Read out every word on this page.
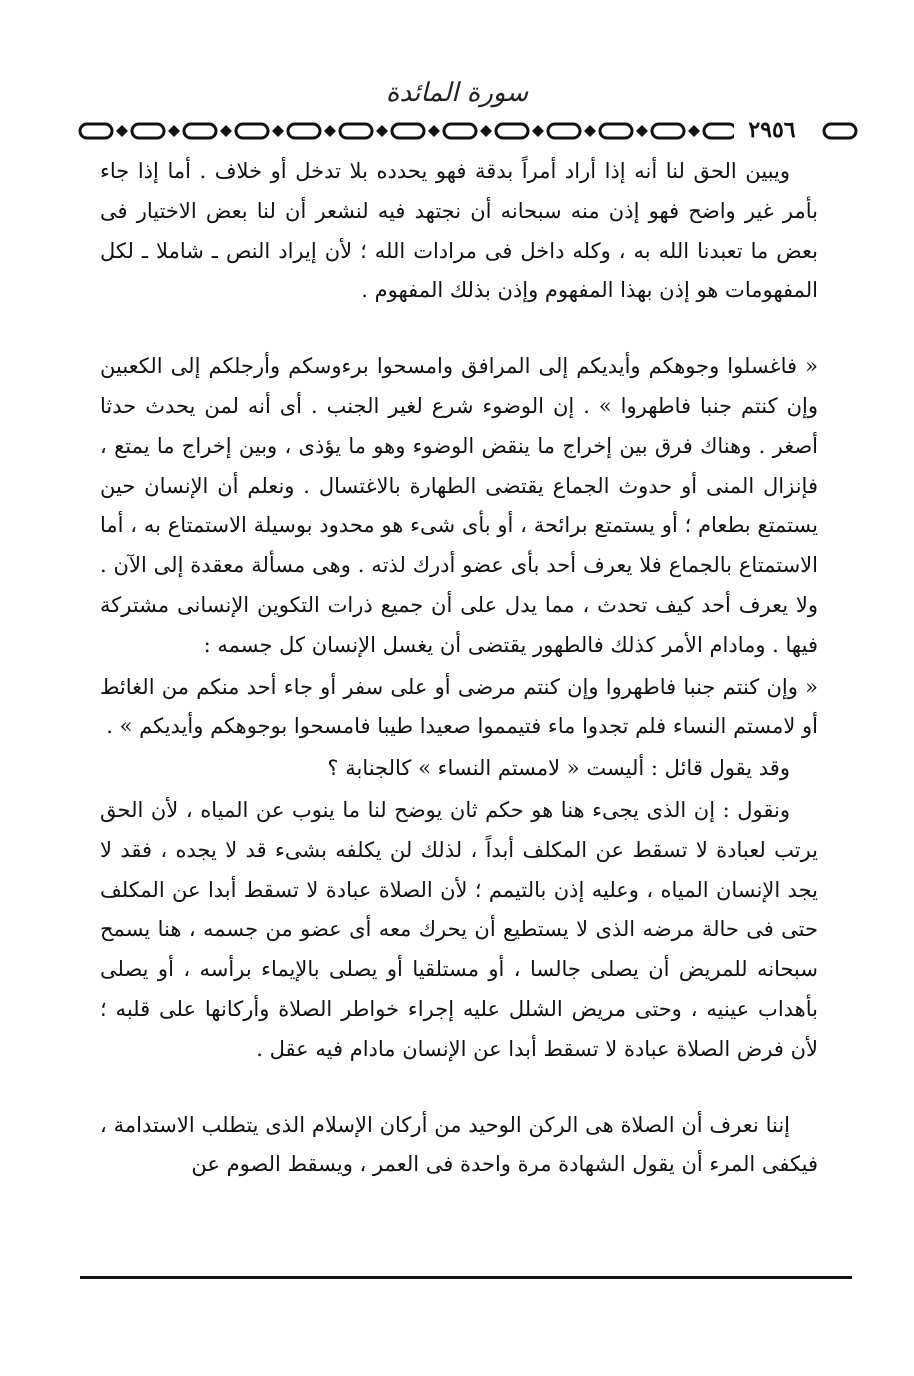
سورة المائدة
٢٩٥٦

ويبين الحق لنا أنه إذا أراد أمراً بدقة فهو يحدده بلا تدخل أو خلاف . أما إذا جاء بأمر غير واضح فهو إذن منه سبحانه أن نجتهد فيه لنشعر أن لنا بعض الاختيار فى بعض ما تعبدنا الله به ، وكله داخل فى مرادات الله ؛ لأن إيراد النص ـ شاملا ـ لكل المفهومات هو إذن بهذا المفهوم وإذن بذلك المفهوم .

« فاغسلوا وجوهكم وأيديكم إلى المرافق وامسحوا برءوسكم وأرجلكم إلى الكعبين وإن كنتم جنبا فاطهروا » . إن الوضوء شرع لغير الجنب . أى أنه لمن يحدث حدثا أصغر . وهناك فرق بين إخراج ما ينقض الوضوء وهو ما يؤذى ، وبين إخراج ما يمتع ، فإنزال المنى أو حدوث الجماع يقتضى الطهارة بالاغتسال . ونعلم أن الإنسان حين يستمتع بطعام ؛ أو يستمتع برائحة ، أو بأى شىء هو محدود بوسيلة الاستمتاع به ، أما الاستمتاع بالجماع فلا يعرف أحد بأى عضو أدرك لذته . وهى مسألة معقدة إلى الآن . ولا يعرف أحد كيف تحدث ، مما يدل على أن جميع ذرات التكوين الإنسانى مشتركة فيها . ومادام الأمر كذلك فالطهور يقتضى أن يغسل الإنسان كل جسمه :

« وإن كنتم جنبا فاطهروا وإن كنتم مرضى أو على سفر أو جاء أحد منكم من الغائط أو لامستم النساء فلم تجدوا ماء فتيمموا صعيدا طيبا فامسحوا بوجوهكم وأيديكم » .

وقد يقول قائل : أليست « لامستم النساء » كالجنابة ؟

ونقول : إن الذى يجىء هنا هو حكم ثان يوضح لنا ما ينوب عن المياه ، لأن الحق يرتب لعبادة لا تسقط عن المكلف أبداً ، لذلك لن يكلفه بشىء قد لا يجده ، فقد لا يجد الإنسان المياه ، وعليه إذن بالتيمم ؛ لأن الصلاة عبادة لا تسقط أبدا عن المكلف حتى فى حالة مرضه الذى لا يستطيع أن يحرك معه أى عضو من جسمه ، هنا يسمح سبحانه للمريض أن يصلى جالسا ، أو مستلقيا أو يصلى بالإيماء برأسه ، أو يصلى بأهداب عينيه ، وحتى مريض الشلل عليه إجراء خواطر الصلاة وأركانها على قلبه ؛ لأن فرض الصلاة عبادة لا تسقط أبدا عن الإنسان مادام فيه عقل .

إننا نعرف أن الصلاة هى الركن الوحيد من أركان الإسلام الذى يتطلب الاستدامة ، فيكفى المرء أن يقول الشهادة مرة واحدة فى العمر ، ويسقط الصوم عن
